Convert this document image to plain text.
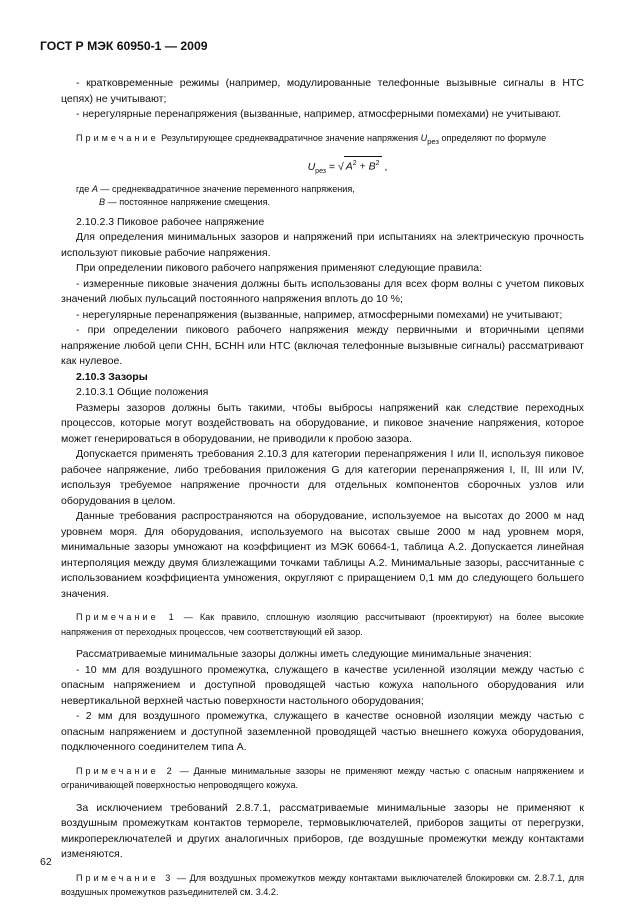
ГОСТ Р МЭК 60950-1 — 2009

- кратковременные режимы (например, модулированные телефонные вызывные сигналы в НТС цепях) не учитывают;

- нерегулярные перенапряжения (вызванные, например, атмосферными помехами) не учитывают.

Примечание Результирующее среднеквадратичное значение напряжения $U_{рез}$ определяют по формуле

$U_{рез}$ = √ $A^2 + B^2$ ,
где
A
— среднеквадратичное значение переменного напряжения,
B
— постоянное напряжение смещения.

2.10.2.3 Пиковое рабочее напряжение

Для определения минимальных зазоров и напряжений при испытаниях на электрическую прочность используют пиковые рабочие напряжения.

При определении пикового рабочего напряжения применяют следующие правила:

- измеренные пиковые значения должны быть использованы для всех форм волны с учетом пиковых значений любых пульсаций постоянного напряжения вплоть до 10 %;

- нерегулярные перенапряжения (вызванные, например, атмосферными помехами) не учитывают;

- при определении пикового рабочего напряжения между первичными и вторичными цепями напряжение любой цепи СНН, БСНН или НТС (включая телефонные вызывные сигналы) рассматривают как нулевое.

2.10.3 Зазоры

2.10.3.1 Общие положения

Размеры зазоров должны быть такими, чтобы выбросы напряжений как следствие переходных процессов, которые могут воздействовать на оборудование, и пиковое значение напряжения, которое может генерироваться в оборудовании, не приводили к пробою зазора.

Допускается применять требования 2.10.3 для категории перенапряжения I или II, используя пиковое рабочее напряжение, либо требования приложения G для категории перенапряжения I, II, III или IV, используя требуемое напряжение прочности для отдельных компонентов сборочных узлов или оборудования в целом.

Данные требования распространяются на оборудование, используемое на высотах до 2000 м над уровнем моря. Для оборудования, используемого на высотах свыше 2000 м над уровнем моря, минимальные зазоры умножают на коэффициент из МЭК 60664-1, таблица А.2. Допускается линейная интерполяция между двумя близлежащими точками таблицы А.2. Минимальные зазоры, рассчитанные с использованием коэффициента умножения, округляют с приращением 0,1 мм до следующего большего значения.

Примечание 1 — Как правило, сплошную изоляцию рассчитывают (проектируют) на более высокие напряжения от переходных процессов, чем соответствующий ей зазор.

Рассматриваемые минимальные зазоры должны иметь следующие минимальные значения:

- 10 мм для воздушного промежутка, служащего в качестве усиленной изоляции между частью с опасным напряжением и доступной проводящей частью кожуха напольного оборудования или невертикальной верхней частью поверхности настольного оборудования;

- 2 мм для воздушного промежутка, служащего в качестве основной изоляции между частью с опасным напряжением и доступной заземленной проводящей частью внешнего кожуха оборудования, подключенного соединителем типа А.

Примечание 2 — Данные минимальные зазоры не применяют между частью с опасным напряжением и ограничивающей поверхностью непроводящего кожуха.

За исключением требований 2.8.7.1, рассматриваемые минимальные зазоры не применяют к воздушным промежуткам контактов термореле, термовыключателей, приборов защиты от перегрузки, микропереключателей и других аналогичных приборов, где воздушные промежутки между контактами изменяются.

Примечание 3 — Для воздушных промежутков между контактами выключателей блокировки см. 2.8.7.1, для воздушных промежутков разъединителей см. 3.4.2.

62
